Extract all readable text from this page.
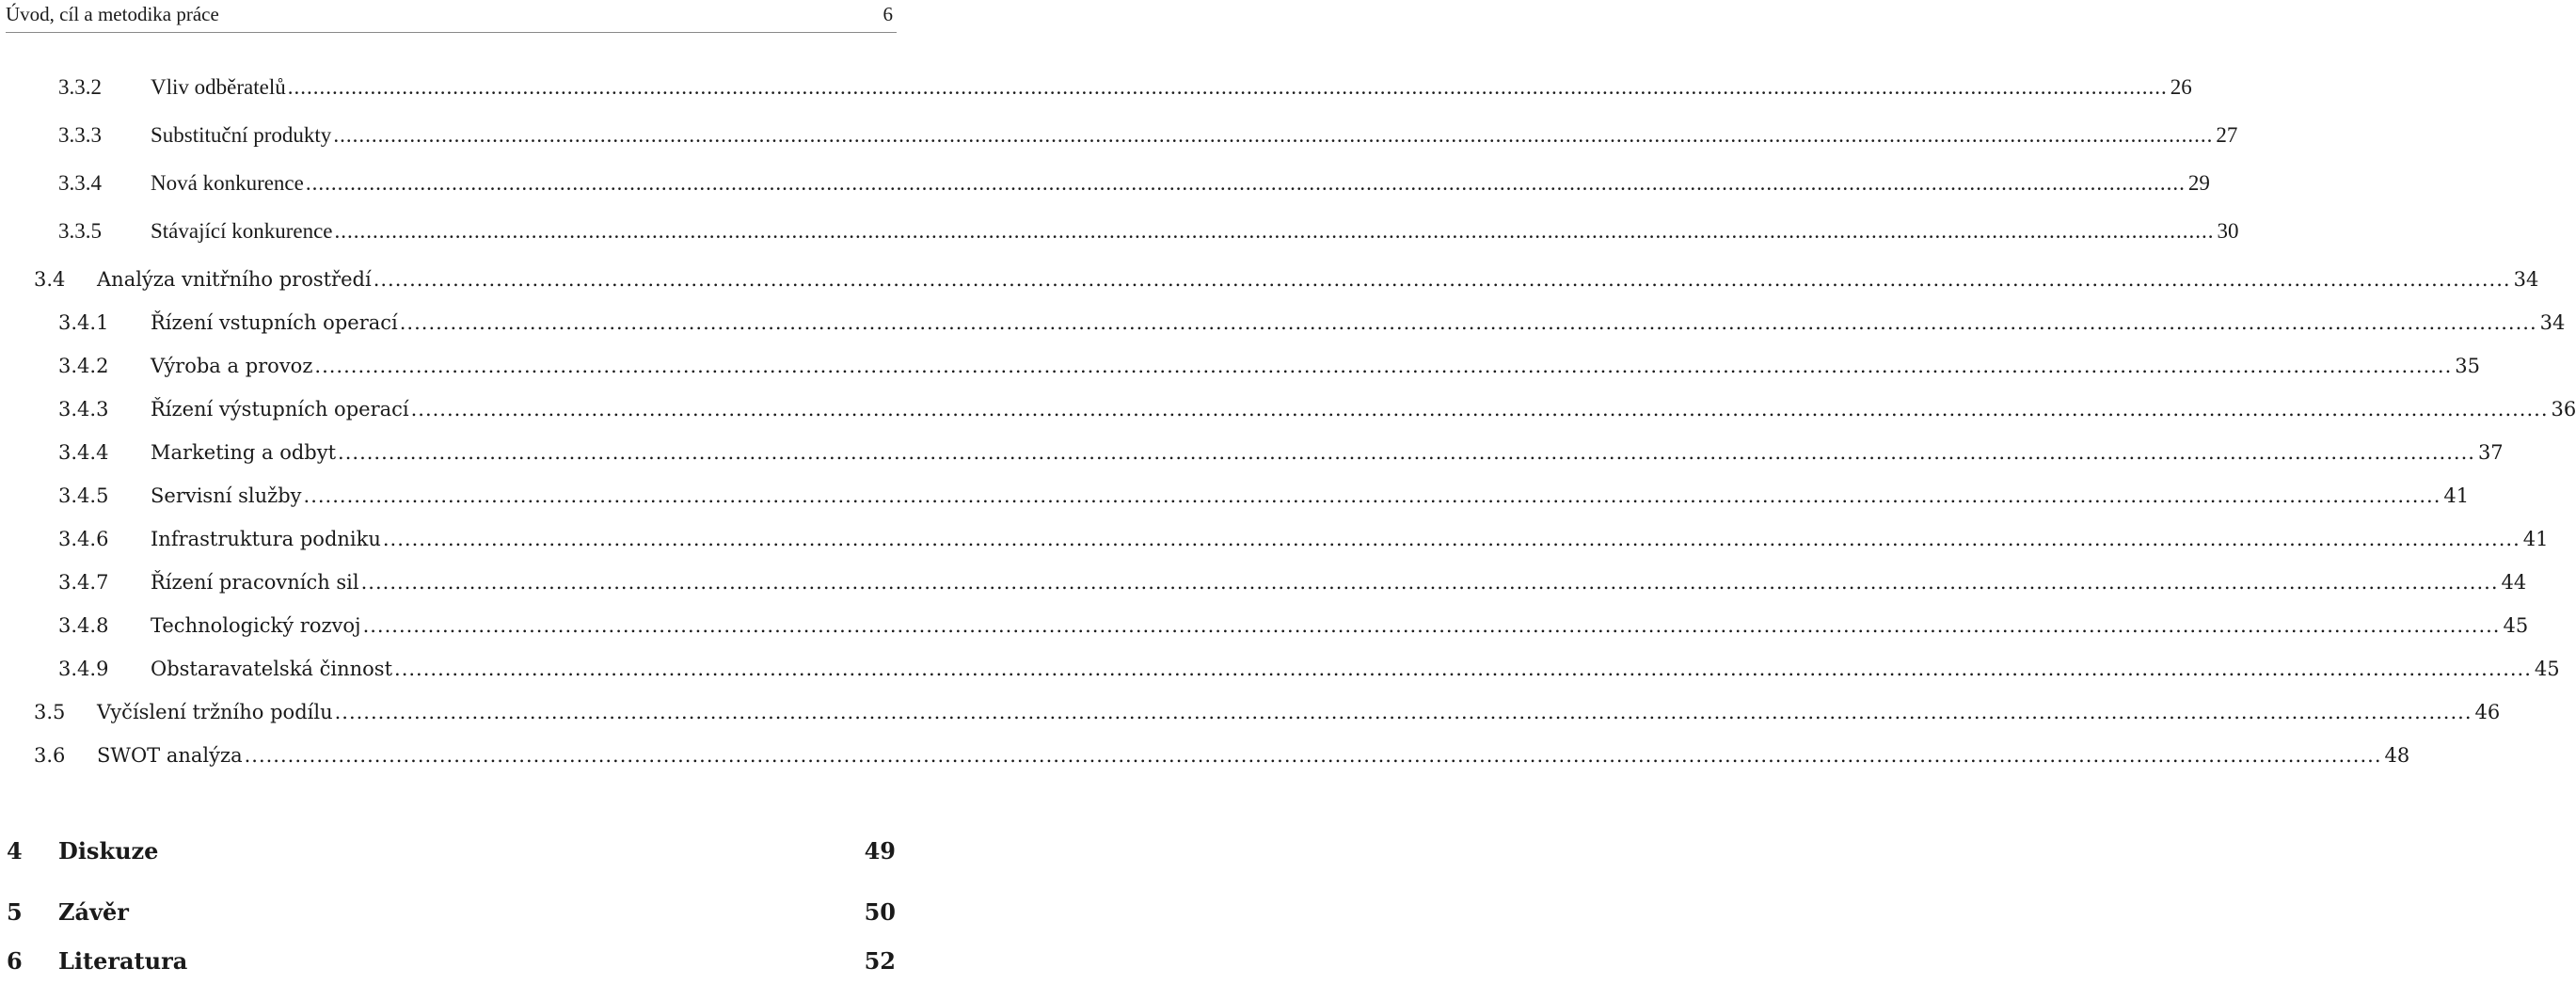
Úvod, cíl a metodika práce	6
3.3.2 Vliv odběratelů ........................................................................................................................................................................................................................................................................................................ 26
3.3.3 Substituční produkty ........................................................................................................................................................................................................................................................................................................ 27
3.3.4 Nová konkurence ........................................................................................................................................................................................................................................................................................................ 29
3.3.5 Stávající konkurence ........................................................................................................................................................................................................................................................................................................ 30
3.4 Analýza vnitřního prostředí ........................................................................................................................................................................................................................................................................................................ 34
3.4.1 Řízení vstupních operací ........................................................................................................................................................................................................................................................................................................ 34
3.4.2 Výroba a provoz ........................................................................................................................................................................................................................................................................................................ 35
3.4.3 Řízení výstupních operací ........................................................................................................................................................................................................................................................................................................ 36
3.4.4 Marketing a odbyt ........................................................................................................................................................................................................................................................................................................ 37
3.4.5 Servisní služby ........................................................................................................................................................................................................................................................................................................ 41
3.4.6 Infrastruktura podniku ........................................................................................................................................................................................................................................................................................................ 41
3.4.7 Řízení pracovních sil ........................................................................................................................................................................................................................................................................................................ 44
3.4.8 Technologický rozvoj ........................................................................................................................................................................................................................................................................................................ 45
3.4.9 Obstaravatelská činnost ........................................................................................................................................................................................................................................................................................................ 45
3.5 Vyčíslení tržního podílu ........................................................................................................................................................................................................................................................................................................ 46
3.6 SWOT analýza ........................................................................................................................................................................................................................................................................................................ 48
4 Diskuze	49
5 Závěr	50
6 Literatura	52
